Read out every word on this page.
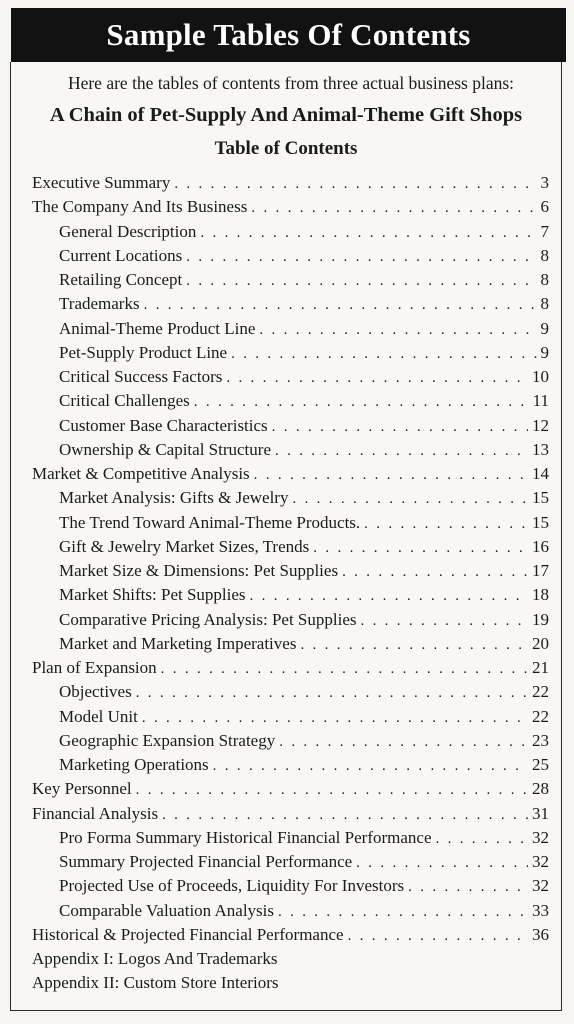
Sample Tables Of Contents
Here are the tables of contents from three actual business plans:
A Chain of Pet-Supply And Animal-Theme Gift Shops
Table of Contents
Executive Summary . . .	3
The Company And Its Business . . .	6
General Description . . .	7
Current Locations . . .	8
Retailing Concept . . .	8
Trademarks . . .	8
Animal-Theme Product Line . . .	9
Pet-Supply Product Line . . .	9
Critical Success Factors . . .	10
Critical Challenges . . .	11
Customer Base Characteristics . . .	12
Ownership & Capital Structure . . .	13
Market & Competitive Analysis . . .	14
Market Analysis: Gifts & Jewelry . . .	15
The Trend Toward Animal-Theme Products. . . .	15
Gift & Jewelry Market Sizes, Trends . . .	16
Market Size & Dimensions: Pet Supplies . . .	17
Market Shifts: Pet Supplies . . .	18
Comparative Pricing Analysis: Pet Supplies . . .	19
Market and Marketing Imperatives . . .	20
Plan of Expansion . . .	21
Objectives . . .	22
Model Unit . . .	22
Geographic Expansion Strategy . . .	23
Marketing Operations . . .	25
Key Personnel . . .	28
Financial Analysis . . .	31
Pro Forma Summary Historical Financial Performance . . .	32
Summary Projected Financial Performance . . .	32
Projected Use of Proceeds, Liquidity For Investors . . .	32
Comparable Valuation Analysis . . .	33
Historical & Projected Financial Performance . . .	36
Appendix I: Logos And Trademarks
Appendix II: Custom Store Interiors
